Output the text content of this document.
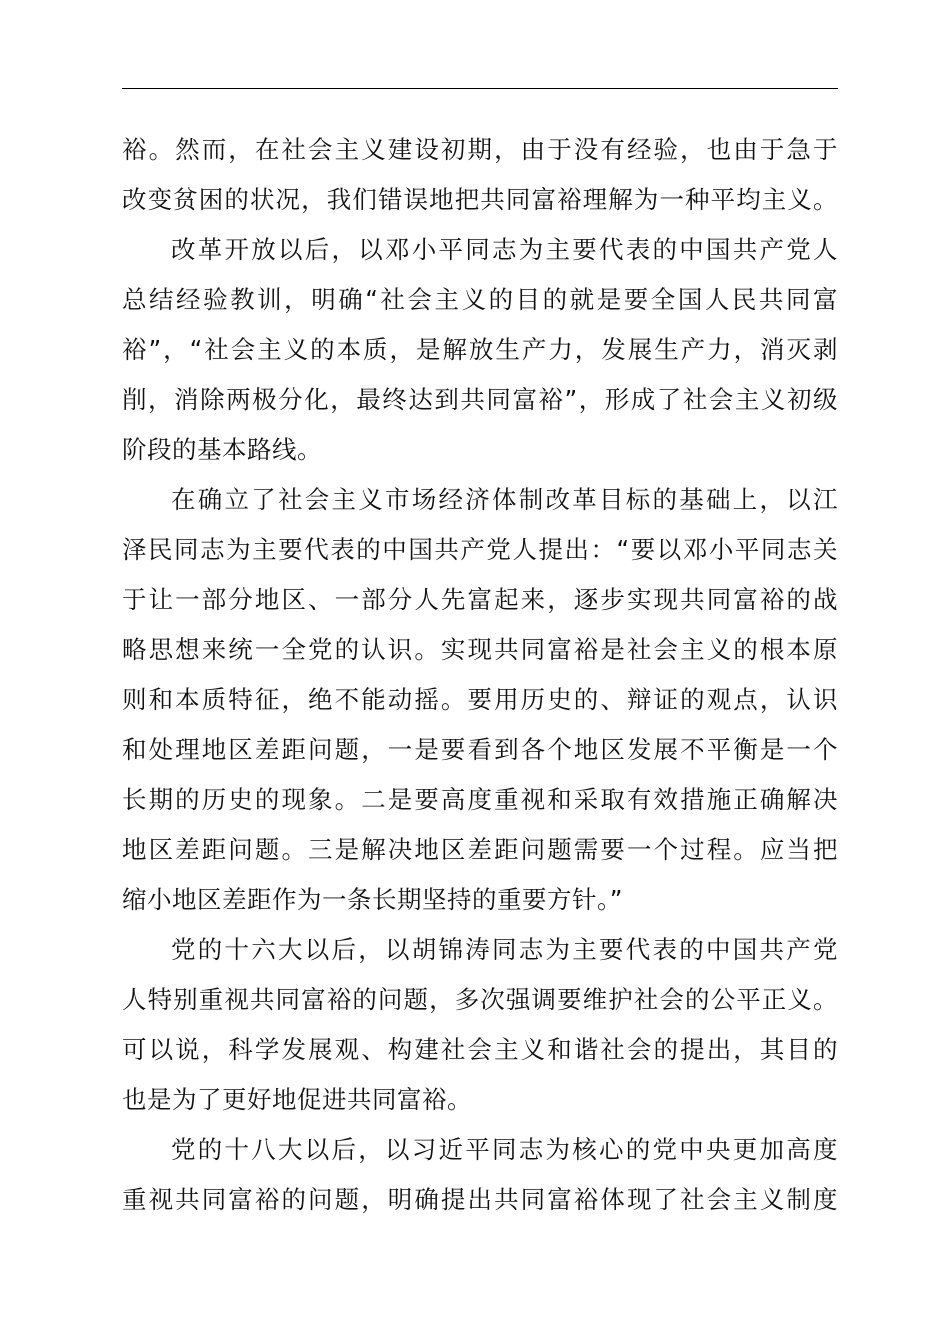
裕。然而，在社会主义建设初期，由于没有经验，也由于急于
改变贫困的状况，我们错误地把共同富裕理解为一种平均主义。
改革开放以后，以邓小平同志为主要代表的中国共产党人
总结经验教训，明确“社会主义的目的就是要全国人民共同富
裕”，“社会主义的本质，是解放生产力，发展生产力，消灭剥
削，消除两极分化，最终达到共同富裕”，形成了社会主义初级
阶段的基本路线。
在确立了社会主义市场经济体制改革目标的基础上，以江
泽民同志为主要代表的中国共产党人提出：“要以邓小平同志关
于让一部分地区、一部分人先富起来，逐步实现共同富裕的战
略思想来统一全党的认识。实现共同富裕是社会主义的根本原
则和本质特征，绝不能动摇。要用历史的、辩证的观点，认识
和处理地区差距问题，一是要看到各个地区发展不平衡是一个
长期的历史的现象。二是要高度重视和采取有效措施正确解决
地区差距问题。三是解决地区差距问题需要一个过程。应当把
缩小地区差距作为一条长期坚持的重要方针。”
党的十六大以后，以胡锦涛同志为主要代表的中国共产党
人特别重视共同富裕的问题，多次强调要维护社会的公平正义。
可以说，科学发展观、构建社会主义和谐社会的提出，其目的
也是为了更好地促进共同富裕。
党的十八大以后，以习近平同志为核心的党中央更加高度
重视共同富裕的问题，明确提出共同富裕体现了社会主义制度
